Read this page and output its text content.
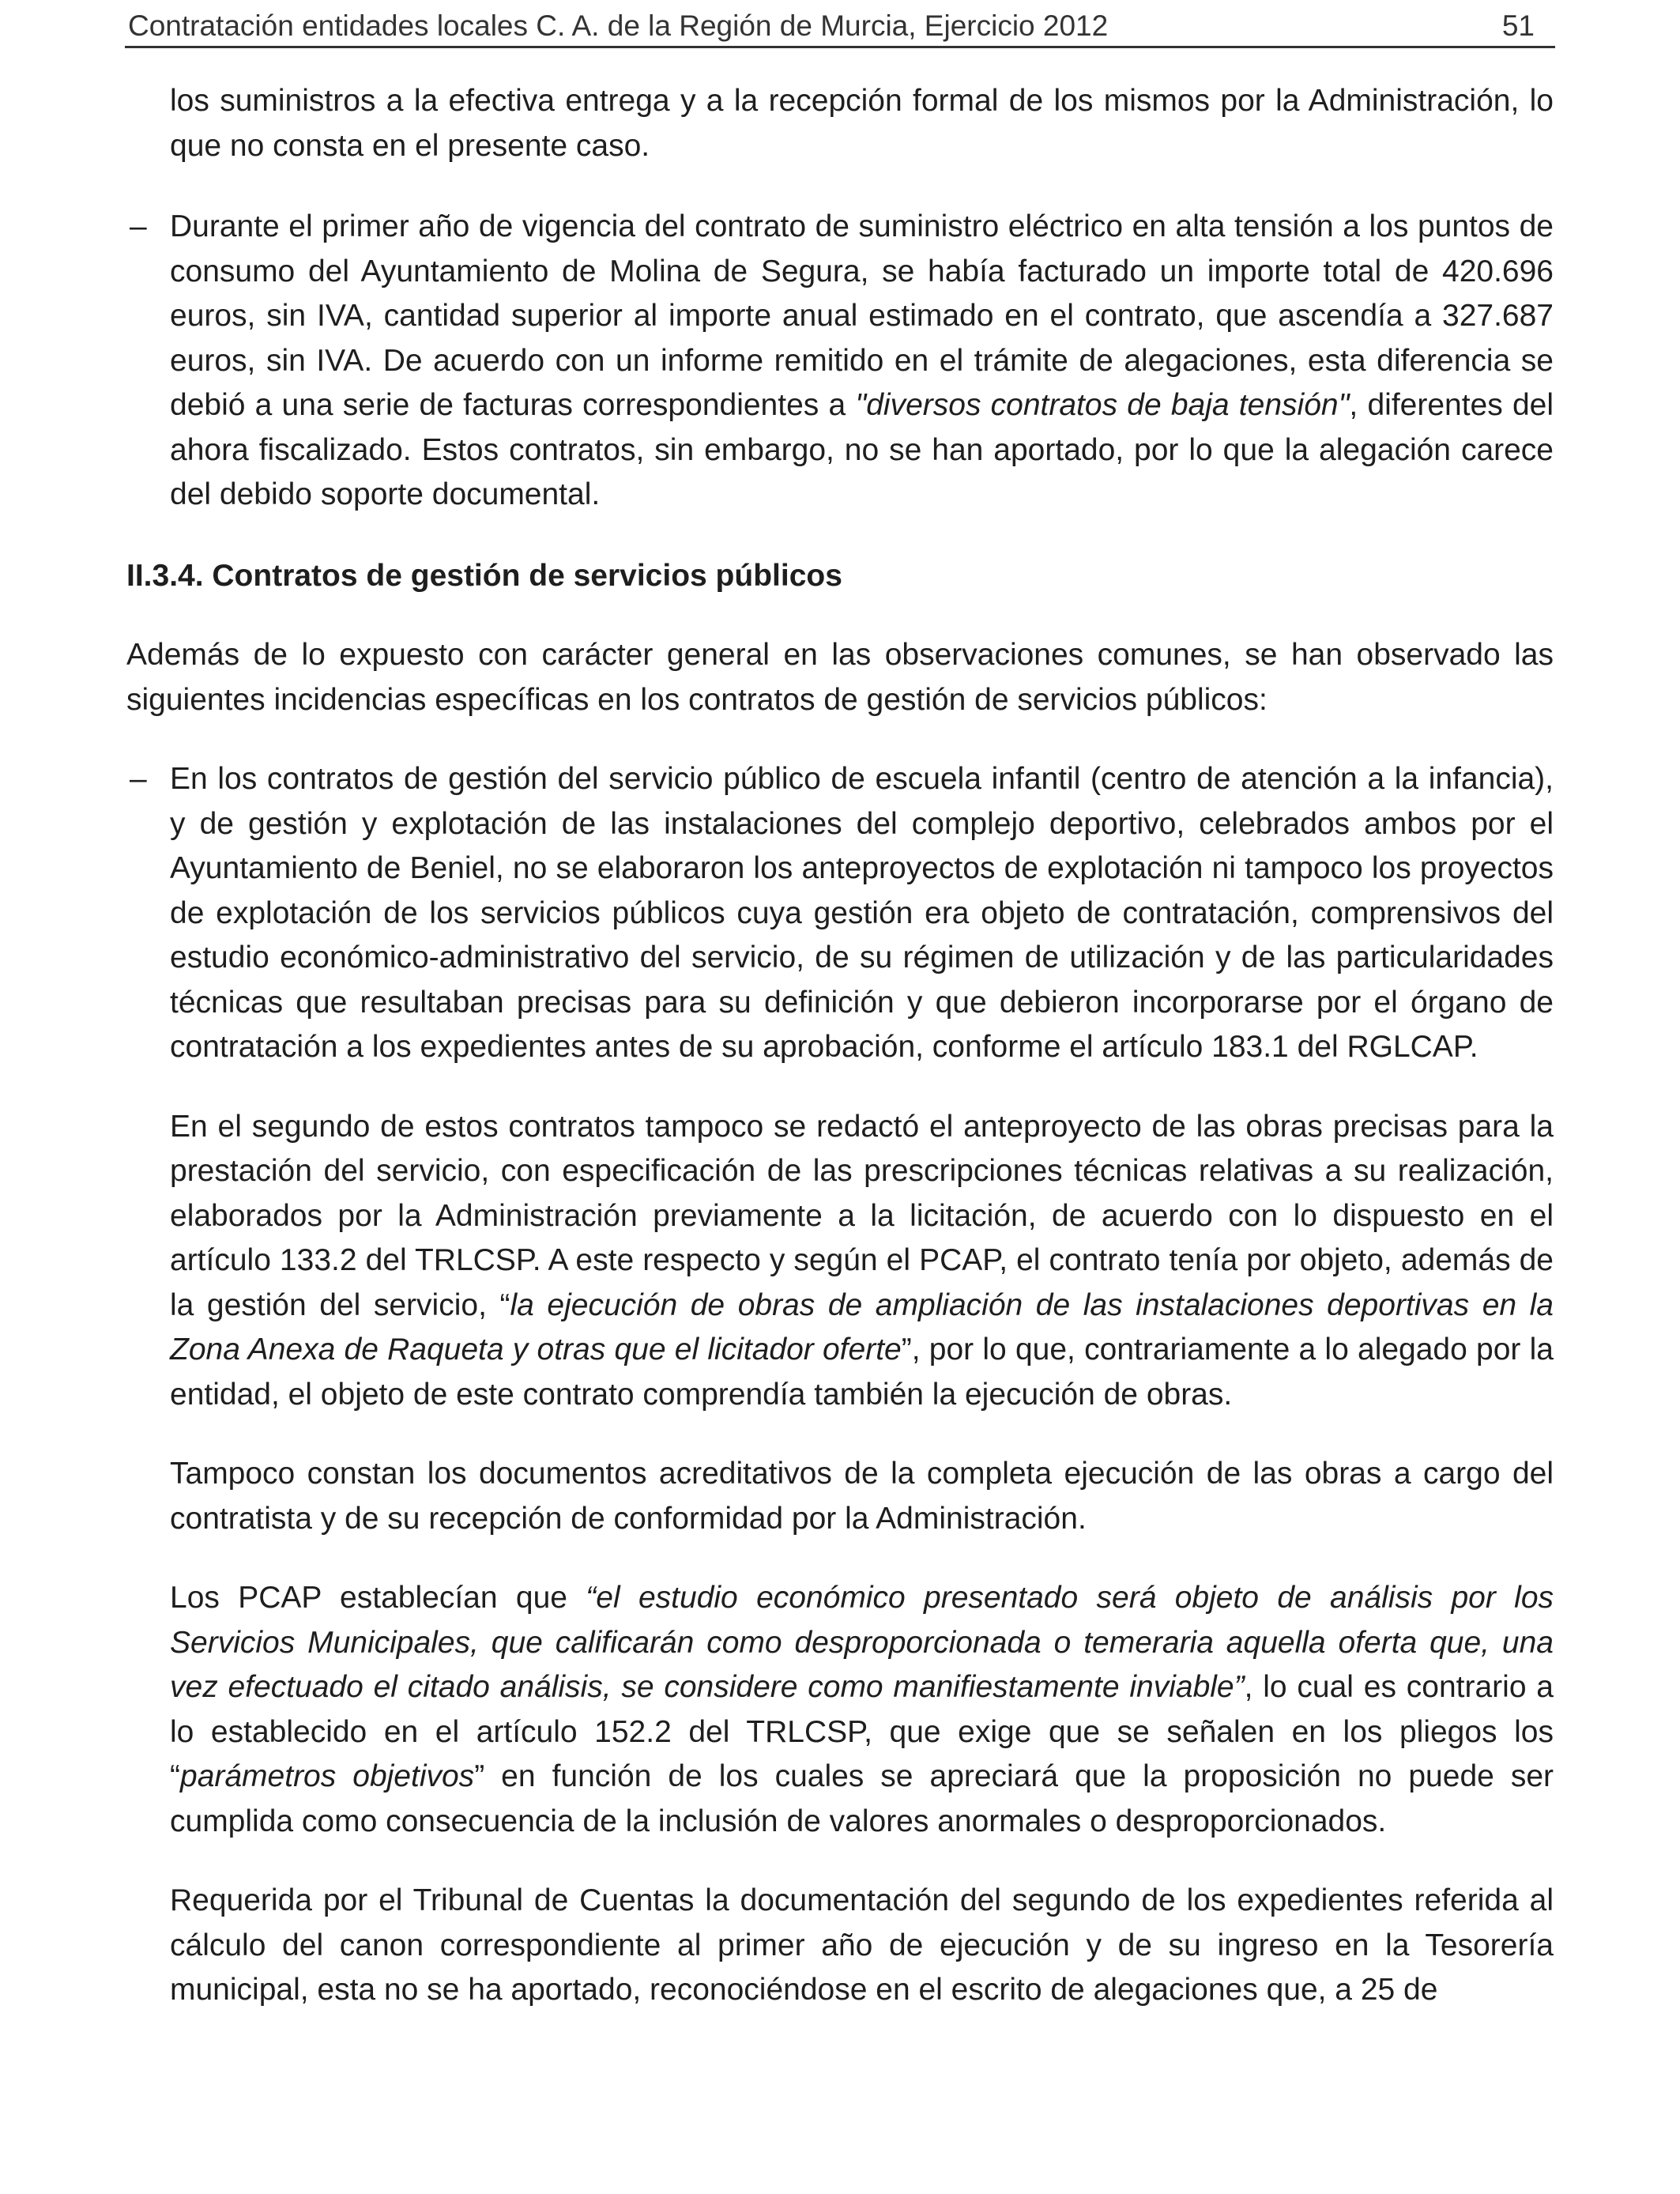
Contratación entidades locales C. A. de la Región de Murcia, Ejercicio 2012	51

los suministros a la efectiva entrega y a la recepción formal de los mismos por la Administración, lo que no consta en el presente caso.

– Durante el primer año de vigencia del contrato de suministro eléctrico en alta tensión a los puntos de consumo del Ayuntamiento de Molina de Segura, se había facturado un importe total de 420.696 euros, sin IVA, cantidad superior al importe anual estimado en el contrato, que ascendía a 327.687 euros, sin IVA. De acuerdo con un informe remitido en el trámite de alegaciones, esta diferencia se debió a una serie de facturas correspondientes a "diversos contratos de baja tensión", diferentes del ahora fiscalizado. Estos contratos, sin embargo, no se han aportado, por lo que la alegación carece del debido soporte documental.

II.3.4. Contratos de gestión de servicios públicos

Además de lo expuesto con carácter general en las observaciones comunes, se han observado las siguientes incidencias específicas en los contratos de gestión de servicios públicos:

– En los contratos de gestión del servicio público de escuela infantil (centro de atención a la infancia), y de gestión y explotación de las instalaciones del complejo deportivo, celebrados ambos por el Ayuntamiento de Beniel, no se elaboraron los anteproyectos de explotación ni tampoco los proyectos de explotación de los servicios públicos cuya gestión era objeto de contratación, comprensivos del estudio económico-administrativo del servicio, de su régimen de utilización y de las particularidades técnicas que resultaban precisas para su definición y que debieron incorporarse por el órgano de contratación a los expedientes antes de su aprobación, conforme el artículo 183.1 del RGLCAP.

En el segundo de estos contratos tampoco se redactó el anteproyecto de las obras precisas para la prestación del servicio, con especificación de las prescripciones técnicas relativas a su realización, elaborados por la Administración previamente a la licitación, de acuerdo con lo dispuesto en el artículo 133.2 del TRLCSP. A este respecto y según el PCAP, el contrato tenía por objeto, además de la gestión del servicio, “la ejecución de obras de ampliación de las instalaciones deportivas en la Zona Anexa de Raqueta y otras que el licitador oferte”, por lo que, contrariamente a lo alegado por la entidad, el objeto de este contrato comprendía también la ejecución de obras.

Tampoco constan los documentos acreditativos de la completa ejecución de las obras a cargo del contratista y de su recepción de conformidad por la Administración.

Los PCAP establecían que “el estudio económico presentado será objeto de análisis por los Servicios Municipales, que calificarán como desproporcionada o temeraria aquella oferta que, una vez efectuado el citado análisis, se considere como manifiestamente inviable”, lo cual es contrario a lo establecido en el artículo 152.2 del TRLCSP, que exige que se señalen en los pliegos los “parámetros objetivos” en función de los cuales se apreciará que la proposición no puede ser cumplida como consecuencia de la inclusión de valores anormales o desproporcionados.

Requerida por el Tribunal de Cuentas la documentación del segundo de los expedientes referida al cálculo del canon correspondiente al primer año de ejecución y de su ingreso en la Tesorería municipal, esta no se ha aportado, reconociéndose en el escrito de alegaciones que, a 25 de
